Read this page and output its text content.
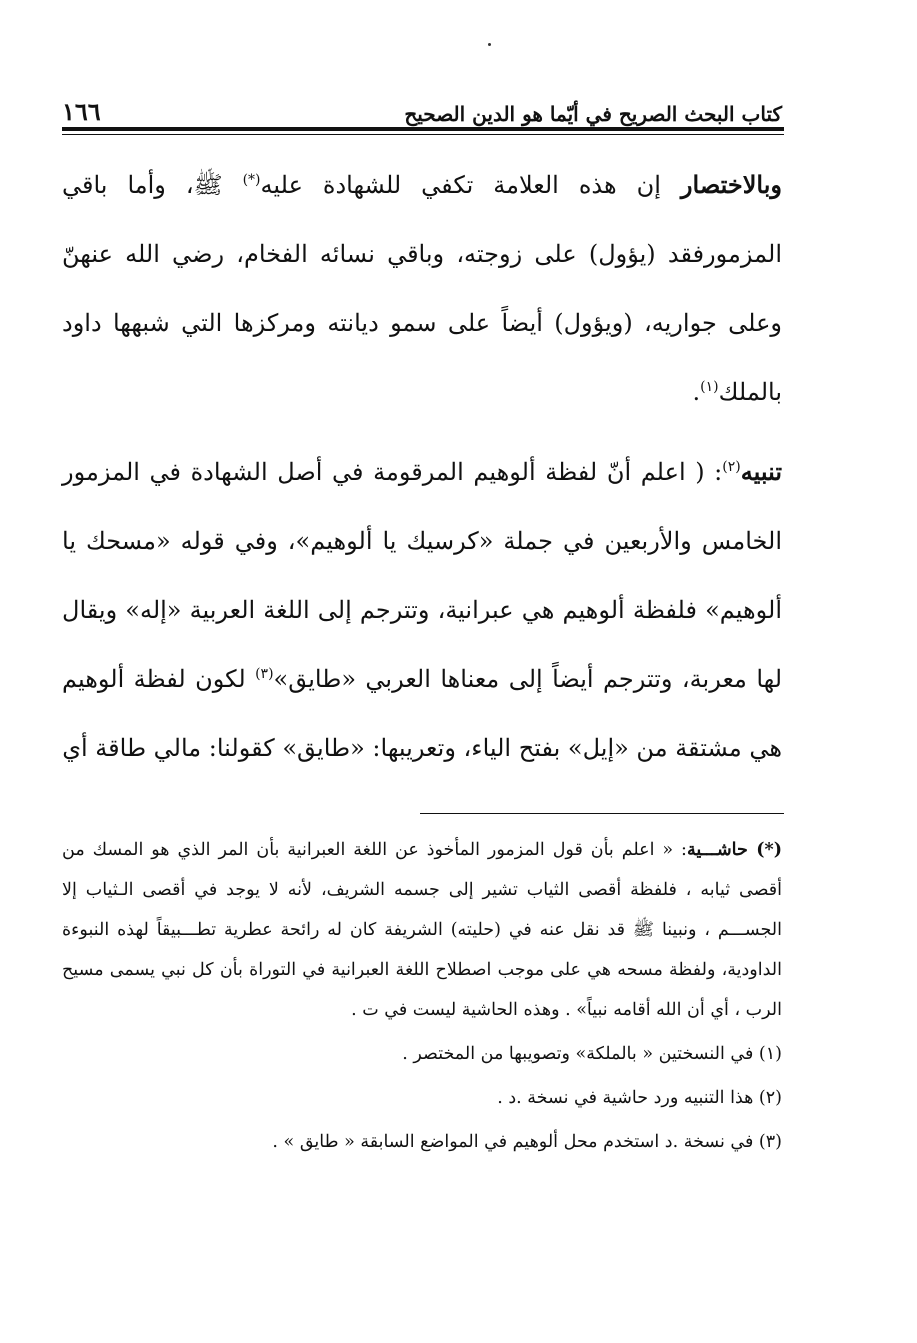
كتاب البحث الصريح في أيّما هو الدين الصحيح
١٦٦

وبالاختصار إن هذه العلامة تكفي للشهادة عليه(*) ﷺ، وأما باقي المزمورفقد (يؤول) على زوجته، وباقي نسائه الفخام، رضي الله عنهنّ وعلى جواريه، (ويؤول) أيضاً على سمو ديانته ومركزها التي شبهها داود بالملك$^{(١)}$.

تنبيه$^{(٢)}$: ( اعلم أنّ لفظة ألوهيم المرقومة في أصل الشهادة في المزمور الخامس والأربعين في جملة «كرسيك يا ألوهيم»، وفي قوله «مسحك يا ألوهيم» فلفظة ألوهيم هي عبرانية، وتترجم إلى اللغة العربية «إله» ويقال لها معربة، وتترجم أيضاً إلى معناها العربي «طايق»$^{(٣)}$ لكون لفظة ألوهيم هي مشتقة من «إيل» بفتح الياء، وتعريبها: «طايق» كقولنا: مالي طاقة أي

(*) حاشـــية: « اعلم بأن قول المزمور المأخوذ عن اللغة العبرانية بأن المر الذي هو المسك من أقصى ثيابه ، فلفظة أقصى الثياب تشير إلى جسمه الشريف، لأنه لا يوجد في أقصى الـثياب إلا الجســـم ، ونبينا ﷺ قد نقل عنه في (حليته) الشريفة كان له رائحة عطرية تطـــبيقاً لهذه النبوءة الداودية، ولفظة مسحه هي على موجب اصطلاح اللغة العبرانية في التوراة بأن كل نبي يسمى مسيح الرب ، أي أن الله أقامه نبياً» . وهذه الحاشية ليست في ت .

(١) في النسختين « بالملكة» وتصويبها من المختصر .

(٢) هذا التنبيه ورد حاشية في نسخة .د .

(٣) في نسخة .د استخدم محل ألوهيم في المواضع السابقة « طايق » .
